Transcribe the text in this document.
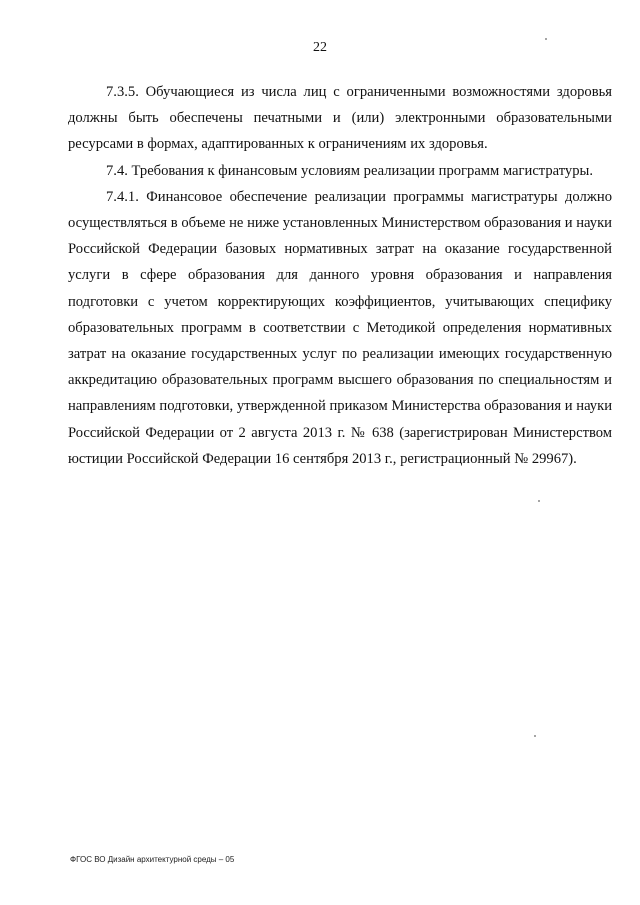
22

7.3.5. Обучающиеся из числа лиц с ограниченными возможностями здоровья должны быть обеспечены печатными и (или) электронными образовательными ресурсами в формах, адаптированных к ограничениям их здоровья.

7.4. Требования к финансовым условиям реализации программ магистратуры.

7.4.1. Финансовое обеспечение реализации программы магистратуры должно осуществляться в объеме не ниже установленных Министерством образования и науки Российской Федерации базовых нормативных затрат на оказание государственной услуги в сфере образования для данного уровня образования и направления подготовки с учетом корректирующих коэффициентов, учитывающих специфику образовательных программ в соответствии с Методикой определения нормативных затрат на оказание государственных услуг по реализации имеющих государственную аккредитацию образовательных программ высшего образования по специальностям и направлениям подготовки, утвержденной приказом Министерства образования и науки Российской Федерации от 2 августа 2013 г. № 638 (зарегистрирован Министерством юстиции Российской Федерации 16 сентября 2013 г., регистрационный № 29967).

ФГОС ВО Дизайн архитектурной среды – 05
